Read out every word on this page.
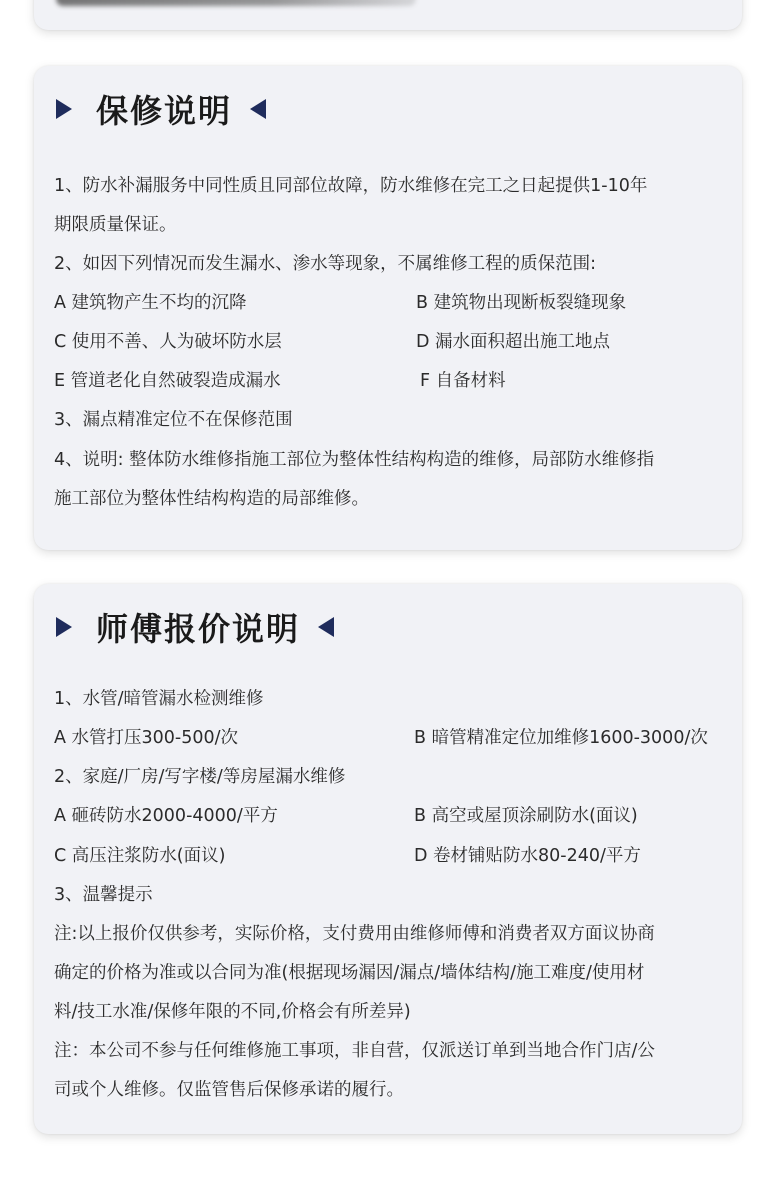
保修说明
1、防水补漏服务中同性质且同部位故障，防水维修在完工之日起提供1-10年
期限质量保证。
2、如因下列情况而发生漏水、渗水等现象，不属维修工程的质保范围:
A 建筑物产生不均的沉降	B 建筑物出现断板裂缝现象
C 使用不善、人为破坏防水层	D 漏水面积超出施工地点
E 管道老化自然破裂造成漏水	F 自备材料
3、漏点精准定位不在保修范围
4、说明: 整体防水维修指施工部位为整体性结构构造的维修，局部防水维修指
施工部位为整体性结构构造的局部维修。
师傅报价说明
1、水管/暗管漏水检测维修
A 水管打压300-500/次	B 暗管精准定位加维修1600-3000/次
2、家庭/厂房/写字楼/等房屋漏水维修
A 砸砖防水2000-4000/平方	B 高空或屋顶涂刷防水(面议)
C 高压注浆防水(面议)	D 卷材铺贴防水80-240/平方
3、温馨提示
注:以上报价仅供参考，实际价格，支付费用由维修师傅和消费者双方面议协商
确定的价格为准或以合同为准(根据现场漏因/漏点/墙体结构/施工难度/使用材
料/技工水准/保修年限的不同,价格会有所差异)
注：本公司不参与任何维修施工事项，非自营，仅派送订单到当地合作门店/公
司或个人维修。仅监管售后保修承诺的履行。
